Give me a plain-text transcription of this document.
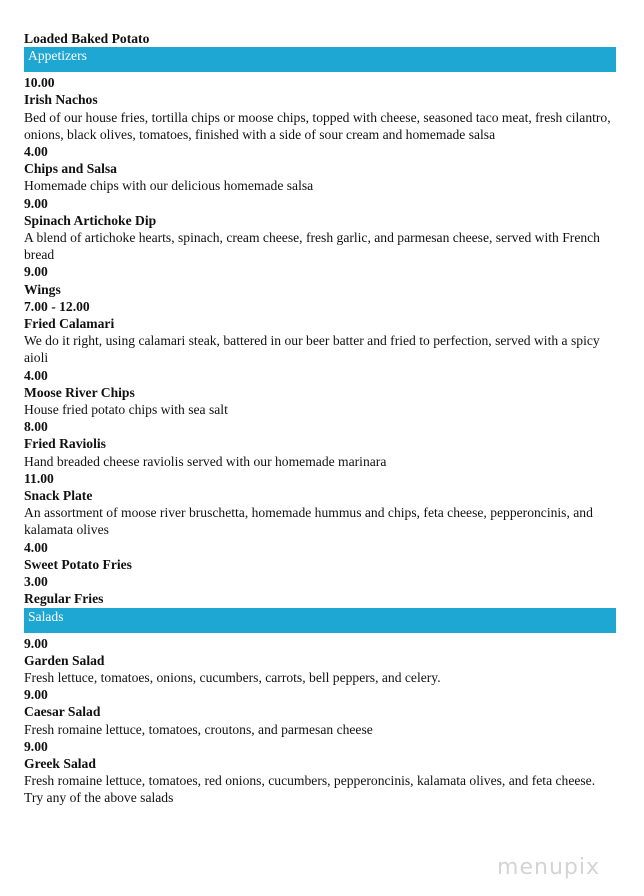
Loaded Baked Potato
Appetizers
10.00
Irish Nachos
Bed of our house fries, tortilla chips or moose chips, topped with cheese, seasoned taco meat, fresh cilantro, onions, black olives, tomatoes, finished with a side of sour cream and homemade salsa
4.00
Chips and Salsa
Homemade chips with our delicious homemade salsa
9.00
Spinach Artichoke Dip
A blend of artichoke hearts, spinach, cream cheese, fresh garlic, and parmesan cheese, served with French bread
9.00
Wings
7.00 - 12.00
Fried Calamari
We do it right, using calamari steak, battered in our beer batter and fried to perfection, served with a spicy aioli
4.00
Moose River Chips
House fried potato chips with sea salt
8.00
Fried Raviolis
Hand breaded cheese raviolis served with our homemade marinara
11.00
Snack Plate
An assortment of moose river bruschetta, homemade hummus and chips, feta cheese, pepperoncinis, and kalamata olives
4.00
Sweet Potato Fries
3.00
Regular Fries
Salads
9.00
Garden Salad
Fresh lettuce, tomatoes, onions, cucumbers, carrots, bell peppers, and celery.
9.00
Caesar Salad
Fresh romaine lettuce, tomatoes, croutons, and parmesan cheese
9.00
Greek Salad
Fresh romaine lettuce, tomatoes, red onions, cucumbers, pepperoncinis, kalamata olives, and feta cheese. Try any of the above salads
menupix
